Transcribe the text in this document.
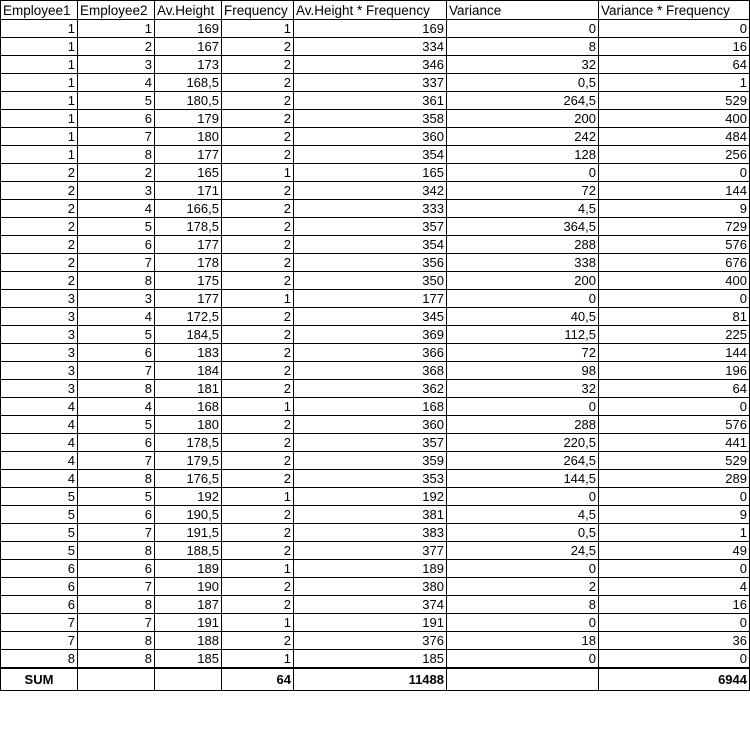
Employee1	Employee2	Av.Height	Frequency	Av.Height * Frequency	Variance	Variance * Frequency
1	1	169	1	169	0	0
1	2	167	2	334	8	16
1	3	173	2	346	32	64
1	4	168,5	2	337	0,5	1
1	5	180,5	2	361	264,5	529
1	6	179	2	358	200	400
1	7	180	2	360	242	484
1	8	177	2	354	128	256
2	2	165	1	165	0	0
2	3	171	2	342	72	144
2	4	166,5	2	333	4,5	9
2	5	178,5	2	357	364,5	729
2	6	177	2	354	288	576
2	7	178	2	356	338	676
2	8	175	2	350	200	400
3	3	177	1	177	0	0
3	4	172,5	2	345	40,5	81
3	5	184,5	2	369	112,5	225
3	6	183	2	366	72	144
3	7	184	2	368	98	196
3	8	181	2	362	32	64
4	4	168	1	168	0	0
4	5	180	2	360	288	576
4	6	178,5	2	357	220,5	441
4	7	179,5	2	359	264,5	529
4	8	176,5	2	353	144,5	289
5	5	192	1	192	0	0
5	6	190,5	2	381	4,5	9
5	7	191,5	2	383	0,5	1
5	8	188,5	2	377	24,5	49
6	6	189	1	189	0	0
6	7	190	2	380	2	4
6	8	187	2	374	8	16
7	7	191	1	191	0	0
7	8	188	2	376	18	36
8	8	185	1	185	0	0
SUM			64	11488		6944
